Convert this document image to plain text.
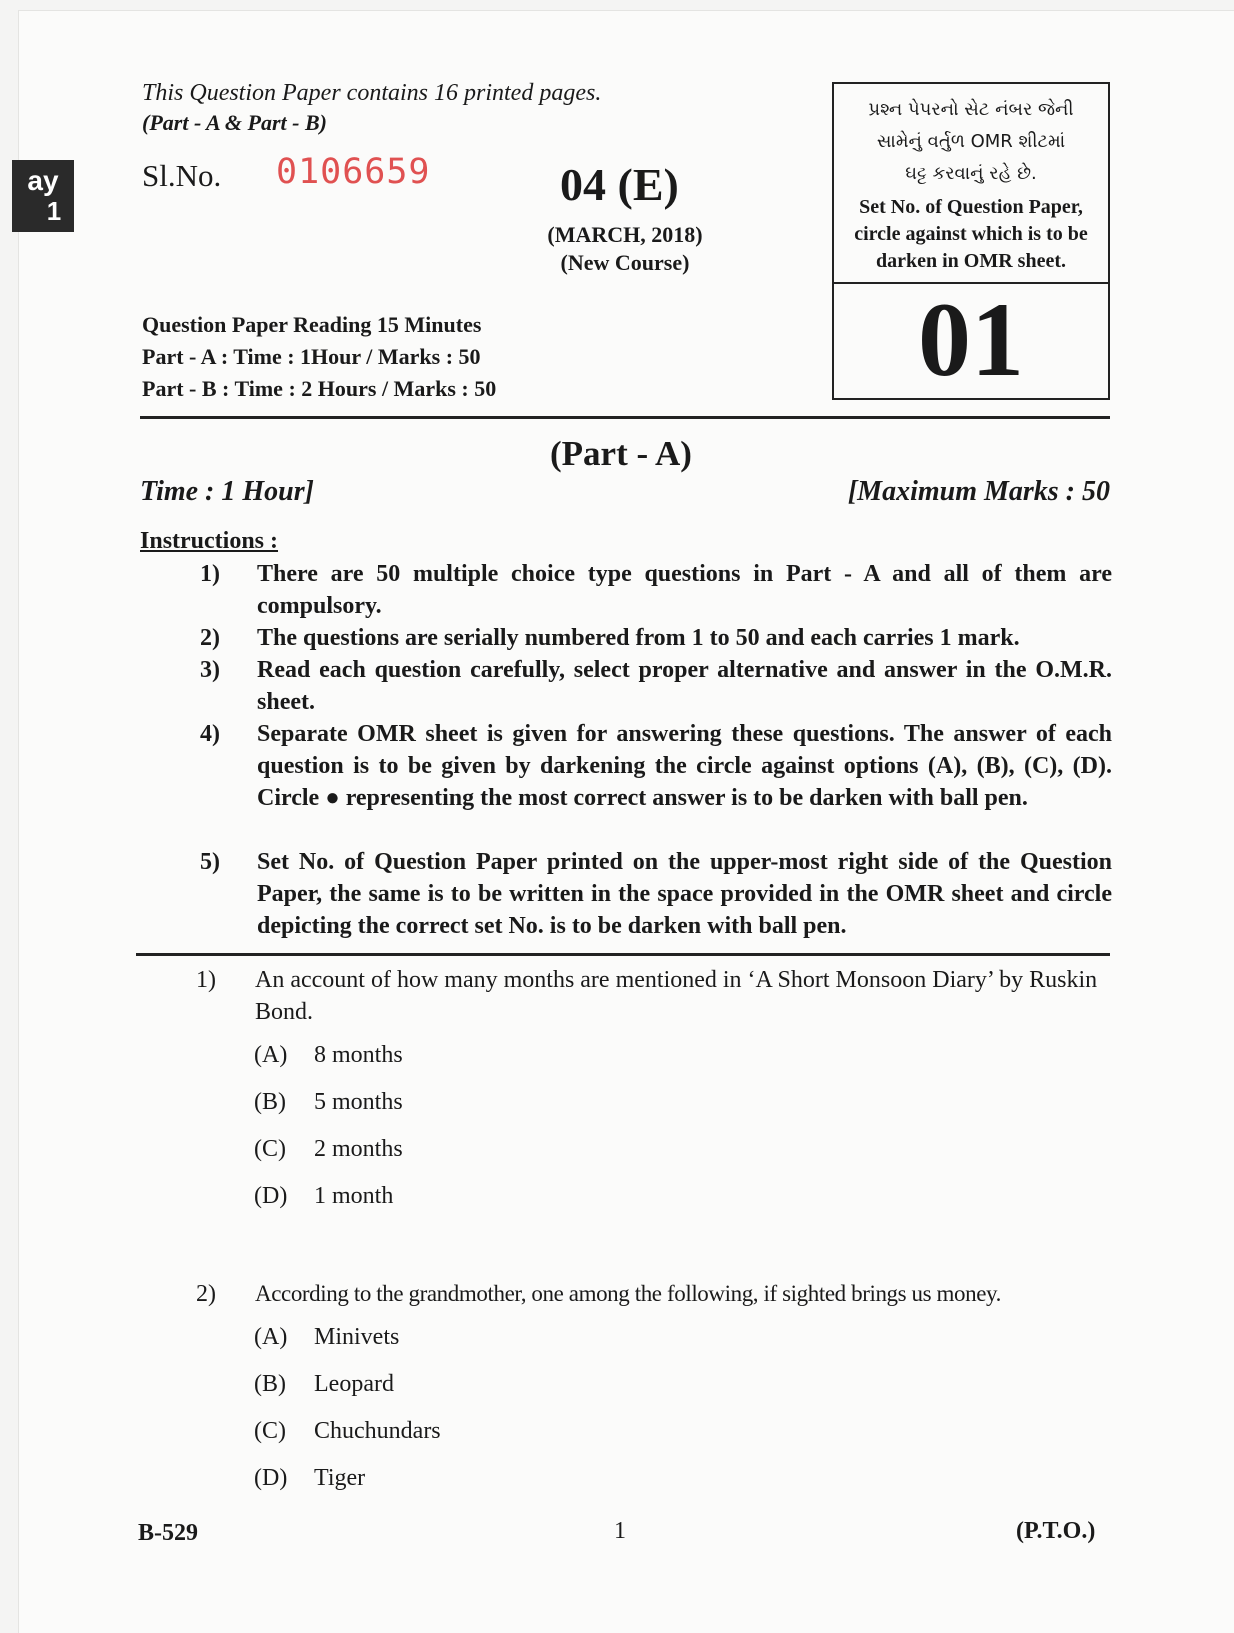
ay
1
This Question Paper contains 16 printed pages.
(Part - A & Part - B)
Sl.No. 0106659	04 (E)
(MARCH, 2018)
(New Course)
Question Paper Reading 15 Minutes
Part - A : Time : 1Hour / Marks : 50
Part - B : Time : 2 Hours / Marks : 50
પ્રશ્ન પેપરનો સેટ નંબર જેની
સામેનું વર્તુળ OMR શીટમાં
ઘટ્ટ કરવાનું રહે છે.
Set No. of Question Paper,
circle against which is to be
darken in OMR sheet.
01
(Part - A)
Time : 1 Hour]	[Maximum Marks : 50
Instructions :
1)	There are 50 multiple choice type questions in Part - A and all of them are compulsory.
2)	The questions are serially numbered from 1 to 50 and each carries 1 mark.
3)	Read each question carefully, select proper alternative and answer in the O.M.R. sheet.
4)	Separate OMR sheet is given for answering these questions. The answer of each question is to be given by darkening the circle against options (A), (B), (C), (D). Circle ● representing the most correct answer is to be darken with ball pen.
5)	Set No. of Question Paper printed on the upper-most right side of the Question Paper, the same is to be written in the space provided in the OMR sheet and circle depicting the correct set No. is to be darken with ball pen.
1) An account of how many months are mentioned in ‘A Short Monsoon Diary’ by Ruskin Bond.
(A) 8 months
(B) 5 months
(C) 2 months
(D) 1 month
2) According to the grandmother, one among the following, if sighted brings us money.
(A) Minivets
(B) Leopard
(C) Chuchundars
(D) Tiger
B-529	1	(P.T.O.)
